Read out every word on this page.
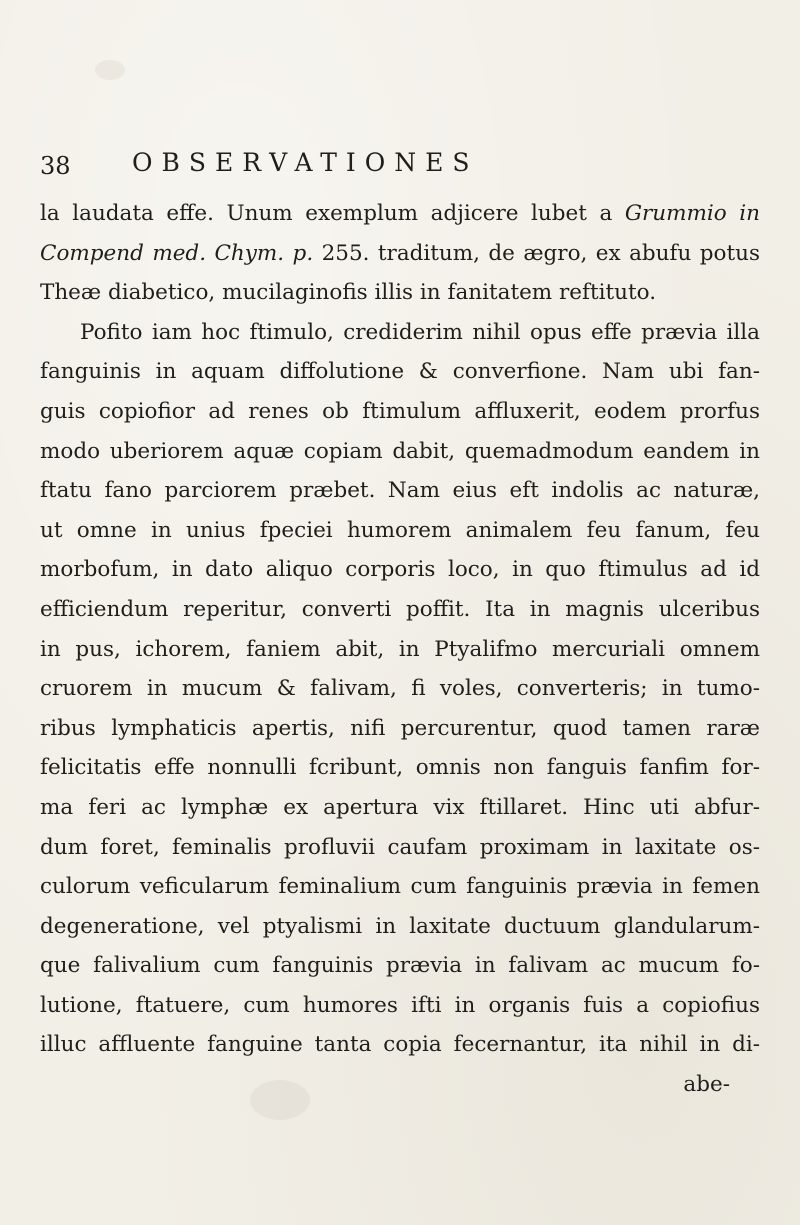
38 OBSERVATIONES
la laudata effe. Unum exemplum adjicere lubet a Grummio in
Compend med. Chym. p. 255. traditum, de ægro, ex abufu potus
Theæ diabetico, mucilaginofis illis in fanitatem reftituto.
Pofito iam hoc ftimulo, crediderim nihil opus effe prævia illa
fanguinis in aquam diffolutione & converfione. Nam ubi fan-
guis copiofior ad renes ob ftimulum affluxerit, eodem prorfus
modo uberiorem aquæ copiam dabit, quemadmodum eandem in
ftatu fano parciorem præbet. Nam eius eft indolis ac naturæ,
ut omne in unius fpeciei humorem animalem feu fanum, feu
morbofum, in dato aliquo corporis loco, in quo ftimulus ad id
efficiendum reperitur, converti poffit. Ita in magnis ulceribus
in pus, ichorem, faniem abit, in Ptyalifmo mercuriali omnem
cruorem in mucum & falivam, fi voles, converteris; in tumo-
ribus lymphaticis apertis, nifi percurentur, quod tamen raræ
felicitatis effe nonnulli fcribunt, omnis non fanguis fanfim for-
ma feri ac lymphæ ex apertura vix ftillaret. Hinc uti abfur-
dum foret, feminalis profluvii caufam proximam in laxitate os-
culorum veficularum feminalium cum fanguinis prævia in femen
degeneratione, vel ptyalismi in laxitate ductuum glandularum-
que falivalium cum fanguinis prævia in falivam ac mucum fo-
lutione, ftatuere, cum humores ifti in organis fuis a copiofius
illuc affluente fanguine tanta copia fecernantur, ita nihil in di-
abe-
